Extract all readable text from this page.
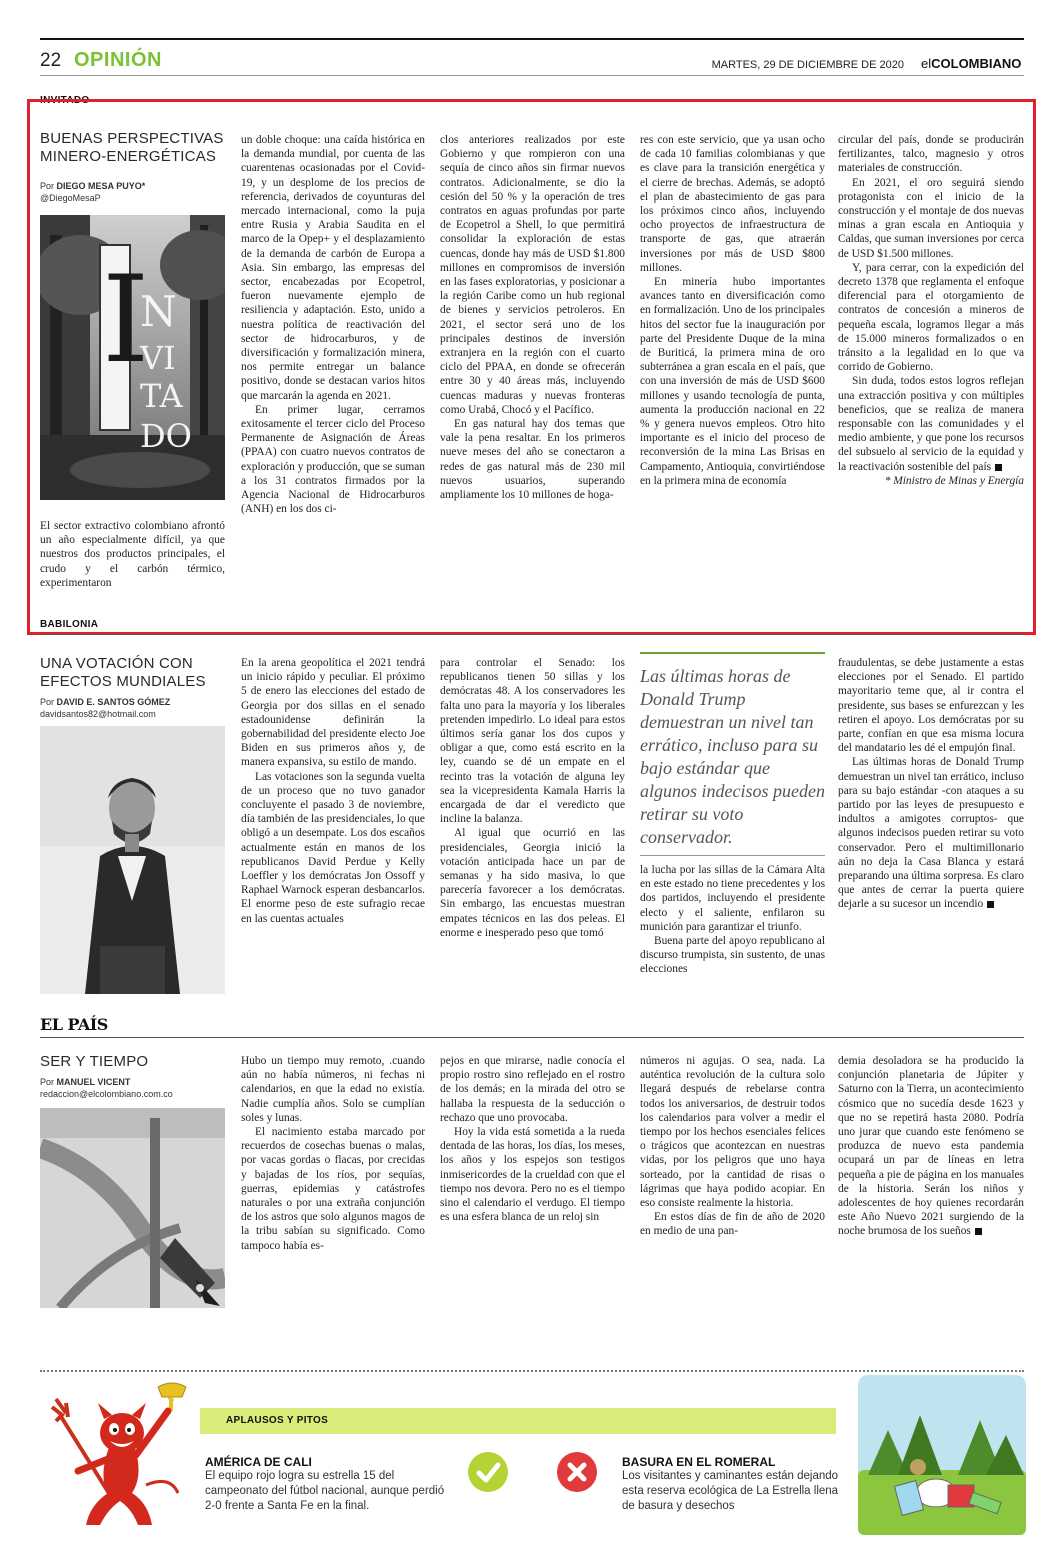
22 OPINIÓN	MARTES, 29 DE DICIEMBRE DE 2020 elCOLOMBIANO
INVITADO
BUENAS PERSPECTIVAS
MINERO-ENERGÉTICAS
Por DIEGO MESA PUYO*
@DiegoMesaP
I
N
VI
TA
DO

El sector extractivo colombiano afrontó un año especialmente difícil, ya que nuestros dos productos principales, el crudo y el carbón térmico, experimentaron

un doble choque: una caída histórica en la demanda mundial, por cuenta de las cuarentenas ocasionadas por el Covid-19, y un desplome de los precios de referencia, derivados de coyunturas del mercado internacional, como la puja entre Rusia y Arabia Saudita en el marco de la Opep+ y el desplazamiento de la demanda de carbón de Europa a Asia. Sin embargo, las empresas del sector, encabezadas por Ecopetrol, fueron nuevamente ejemplo de resiliencia y adaptación. Esto, unido a nuestra política de reactivación del sector de hidrocarburos, y de diversificación y formalización minera, nos permite entregar un balance positivo, donde se destacan varios hitos que marcarán la agenda en 2021.

En primer lugar, cerramos exitosamente el tercer ciclo del Proceso Permanente de Asignación de Áreas (PPAA) con cuatro nuevos contratos de exploración y producción, que se suman a los 31 contratos firmados por la Agencia Nacional de Hidrocarburos (ANH) en los dos ci-

clos anteriores realizados por este Gobierno y que rompieron con una sequía de cinco años sin firmar nuevos contratos. Adicionalmente, se dio la cesión del 50 % y la operación de tres contratos en aguas profundas por parte de Ecopetrol a Shell, lo que permitirá consolidar la exploración de estas cuencas, donde hay más de USD $1.800 millones en compromisos de inversión en las fases exploratorias, y posicionar a la región Caribe como un hub regional de bienes y servicios petroleros. En 2021, el sector será uno de los principales destinos de inversión extranjera en la región con el cuarto ciclo del PPAA, en donde se ofrecerán entre 30 y 40 áreas más, incluyendo cuencas maduras y nuevas fronteras como Urabá, Chocó y el Pacífico.

En gas natural hay dos temas que vale la pena resaltar. En los primeros nueve meses del año se conectaron a redes de gas natural más de 230 mil nuevos usuarios, superando ampliamente los 10 millones de hoga-

res con este servicio, que ya usan ocho de cada 10 familias colombianas y que es clave para la transición energética y el cierre de brechas. Además, se adoptó el plan de abastecimiento de gas para los próximos cinco años, incluyendo ocho proyectos de infraestructura de transporte de gas, que atraerán inversiones por más de USD $800 millones.

En minería hubo importantes avances tanto en diversificación como en formalización. Uno de los principales hitos del sector fue la inauguración por parte del Presidente Duque de la mina de Buriticá, la primera mina de oro subterránea a gran escala en el país, que con una inversión de más de USD $600 millones y usando tecnología de punta, aumenta la producción nacional en 22 % y genera nuevos empleos. Otro hito importante es el inicio del proceso de reconversión de la mina Las Brisas en Campamento, Antioquia, convirtiéndose en la primera mina de economía

circular del país, donde se producirán fertilizantes, talco, magnesio y otros materiales de construcción.

En 2021, el oro seguirá siendo protagonista con el inicio de la construcción y el montaje de dos nuevas minas a gran escala en Antioquia y Caldas, que suman inversiones por cerca de USD $1.500 millones.

Y, para cerrar, con la expedición del decreto 1378 que reglamenta el enfoque diferencial para el otorgamiento de contratos de concesión a mineros de pequeña escala, logramos llegar a más de 15.000 mineros formalizados o en tránsito a la legalidad en lo que va corrido de Gobierno.

Sin duda, todos estos logros reflejan una extracción positiva y con múltiples beneficios, que se realiza de manera responsable con las comunidades y el medio ambiente, y que pone los recursos del subsuelo al servicio de la equidad y la reactivación sostenible del país

* Ministro de Minas y Energía

BABILONIA
UNA VOTACIÓN CON
EFECTOS MUNDIALES
Por DAVID E. SANTOS GÓMEZ
davidsantos82@hotmail.com

En la arena geopolítica el 2021 tendrá un inicio rápido y peculiar. El próximo 5 de enero las elecciones del estado de Georgia por dos sillas en el senado estadounidense definirán la gobernabilidad del presidente electo Joe Biden en sus primeros años y, de manera expansiva, su estilo de mando.

Las votaciones son la segunda vuelta de un proceso que no tuvo ganador concluyente el pasado 3 de noviembre, día también de las presidenciales, lo que obligó a un desempate. Los dos escaños actualmente están en manos de los republicanos David Perdue y Kelly Loeffler y los demócratas Jon Ossoff y Raphael Warnock esperan desbancarlos. El enorme peso de este sufragio recae en las cuentas actuales

para controlar el Senado: los republicanos tienen 50 sillas y los demócratas 48. A los conservadores les falta uno para la mayoría y los liberales pretenden impedirlo. Lo ideal para estos últimos sería ganar los dos cupos y obligar a que, como está escrito en la ley, cuando se dé un empate en el recinto tras la votación de alguna ley sea la vicepresidenta Kamala Harris la encargada de dar el veredicto que incline la balanza.

Al igual que ocurrió en las presidenciales, Georgia inició la votación anticipada hace un par de semanas y ha sido masiva, lo que parecería favorecer a los demócratas. Sin embargo, las encuestas muestran empates técnicos en las dos peleas. El enorme e inesperado peso que tomó

Las últimas horas de Donald Trump demuestran un nivel tan errático, incluso para su bajo estándar que algunos indecisos pueden retirar su voto conservador.

la lucha por las sillas de la Cámara Alta en este estado no tiene precedentes y los dos partidos, incluyendo el presidente electo y el saliente, enfilaron su munición para garantizar el triunfo.

Buena parte del apoyo republicano al discurso trumpista, sin sustento, de unas elecciones

fraudulentas, se debe justamente a estas elecciones por el Senado. El partido mayoritario teme que, al ir contra el presidente, sus bases se enfurezcan y les retiren el apoyo. Los demócratas por su parte, confían en que esa misma locura del mandatario les dé el empujón final.

Las últimas horas de Donald Trump demuestran un nivel tan errático, incluso para su bajo estándar -con ataques a su partido por las leyes de presupuesto e indultos a amigotes corruptos- que algunos indecisos pueden retirar su voto conservador. Pero el multimillonario aún no deja la Casa Blanca y estará preparando una última sorpresa. Es claro que antes de cerrar la puerta quiere dejarle a su sucesor un incendio

EL PAÍS
SER Y TIEMPO
Por MANUEL VICENT
redaccion@elcolombiano.com.co

Hubo un tiempo muy remoto, .cuando aún no había números, ni fechas ni calendarios, en que la edad no existía. Nadie cumplía años. Solo se cumplían soles y lunas.

El nacimiento estaba marcado por recuerdos de cosechas buenas o malas, por vacas gordas o flacas, por crecidas y bajadas de los ríos, por sequías, guerras, epidemias y catástrofes naturales o por una extraña conjunción de los astros que solo algunos magos de la tribu sabían su significado. Como tampoco había es-

pejos en que mirarse, nadie conocía el propio rostro sino reflejado en el rostro de los demás; en la mirada del otro se hallaba la respuesta de la seducción o rechazo que uno provocaba.

Hoy la vida está sometida a la rueda dentada de las horas, los días, los meses, los años y los espejos son testigos inmisericordes de la crueldad con que el tiempo nos devora. Pero no es el tiempo sino el calendario el verdugo. El tiempo es una esfera blanca de un reloj sin

números ni agujas. O sea, nada. La auténtica revolución de la cultura solo llegará después de rebelarse contra todos los aniversarios, de destruir todos los calendarios para volver a medir el tiempo por los hechos esenciales felices o trágicos que acontezcan en nuestras vidas, por los peligros que uno haya sorteado, por la cantidad de risas o lágrimas que haya podido acopiar. En eso consiste realmente la historia.

En estos días de fin de año de 2020 en medio de una pan-

demia desoladora se ha producido la conjunción planetaria de Júpiter y Saturno con la Tierra, un acontecimiento cósmico que no sucedía desde 1623 y que no se repetirá hasta 2080. Podría uno jurar que cuando este fenómeno se produzca de nuevo esta pandemia ocupará un par de líneas en letra pequeña a pie de página en los manuales de la historia. Serán los niños y adolescentes de hoy quienes recordarán este Año Nuevo 2021 surgiendo de la noche brumosa de los sueños

APLAUSOS Y PITOS
AMÉRICA DE CALI
El equipo rojo logra su estrella 15 del campeonato del fútbol nacional, aunque perdió 2-0 frente a Santa Fe en la final.
BASURA EN EL ROMERAL
Los visitantes y caminantes están dejando esta reserva ecológica de La Estrella llena de basura y desechos
